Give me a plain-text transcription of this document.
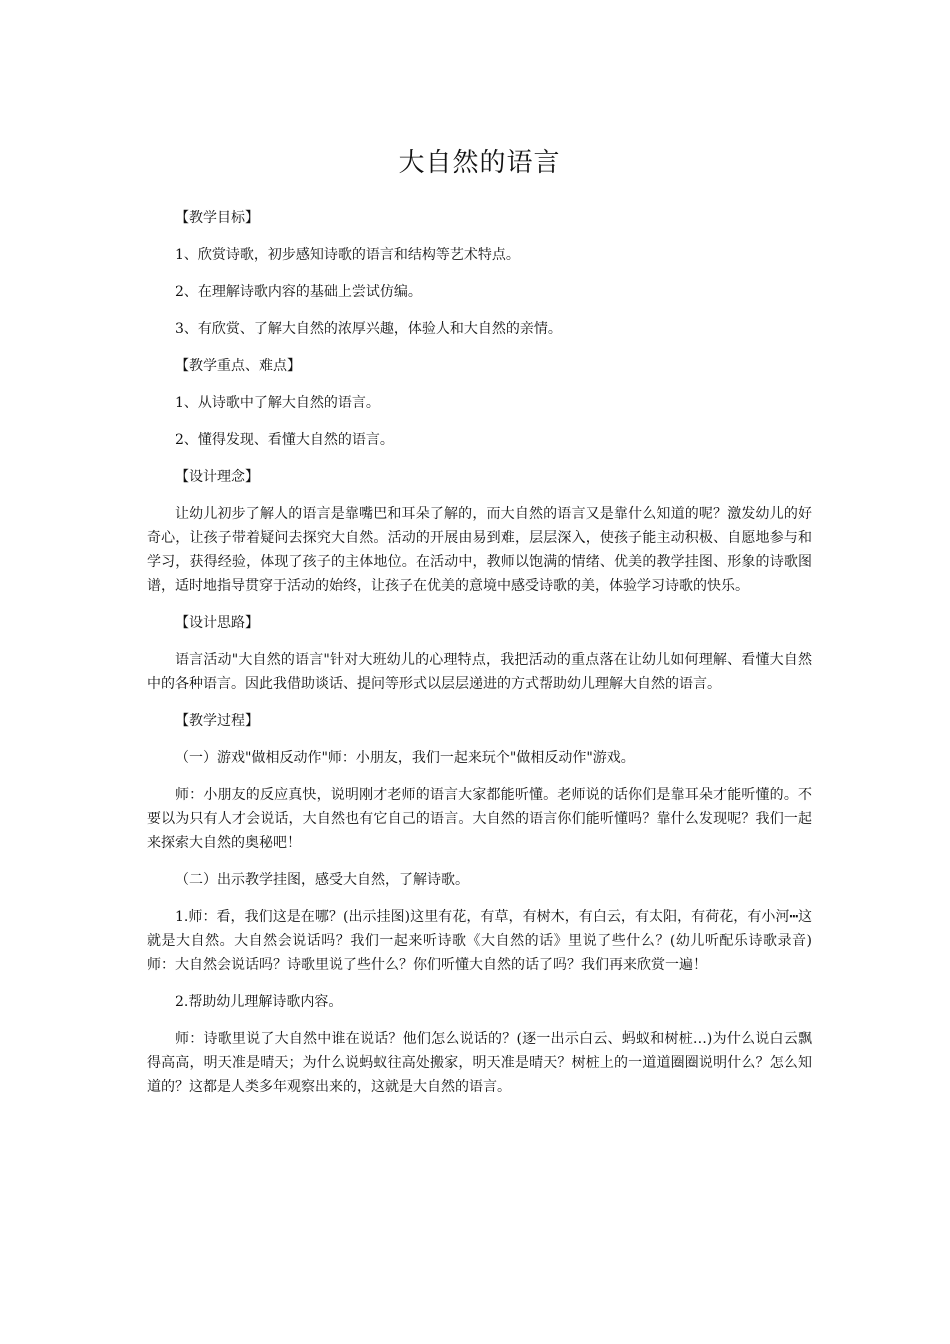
大自然的语言

【教学目标】

1、欣赏诗歌，初步感知诗歌的语言和结构等艺术特点。

2、在理解诗歌内容的基础上尝试仿编。

3、有欣赏、了解大自然的浓厚兴趣，体验人和大自然的亲情。

【教学重点、难点】

1、从诗歌中了解大自然的语言。

2、懂得发现、看懂大自然的语言。

【设计理念】

让幼儿初步了解人的语言是靠嘴巴和耳朵了解的，而大自然的语言又是靠什么知道的呢？激发幼儿的好奇心，让孩子带着疑问去探究大自然。活动的开展由易到难，层层深入，使孩子能主动积极、自愿地参与和学习，获得经验，体现了孩子的主体地位。在活动中，教师以饱满的情绪、优美的教学挂图、形象的诗歌图谱，适时地指导贯穿于活动的始终，让孩子在优美的意境中感受诗歌的美，体验学习诗歌的快乐。

【设计思路】

语言活动"大自然的语言"针对大班幼儿的心理特点，我把活动的重点落在让幼儿如何理解、看懂大自然中的各种语言。因此我借助谈话、提问等形式以层层递进的方式帮助幼儿理解大自然的语言。

【教学过程】

（一）游戏"做相反动作"师：小朋友，我们一起来玩个"做相反动作"游戏。

师：小朋友的反应真快，说明刚才老师的语言大家都能听懂。老师说的话你们是靠耳朵才能听懂的。不要以为只有人才会说话，大自然也有它自己的语言。大自然的语言你们能听懂吗？靠什么发现呢？我们一起来探索大自然的奥秘吧！

（二）出示教学挂图，感受大自然，了解诗歌。

1.师：看，我们这是在哪？(出示挂图)这里有花，有草，有树木，有白云，有太阳，有荷花，有小河┅这就是大自然。大自然会说话吗？我们一起来听诗歌《大自然的话》里说了些什么？(幼儿听配乐诗歌录音)师：大自然会说话吗？诗歌里说了些什么？你们听懂大自然的话了吗？我们再来欣赏一遍！

2.帮助幼儿理解诗歌内容。

师：诗歌里说了大自然中谁在说话？他们怎么说话的？(逐一出示白云、蚂蚁和树桩…)为什么说白云飘得高高，明天准是晴天；为什么说蚂蚁往高处搬家，明天准是晴天？树桩上的一道道圈圈说明什么？怎么知道的？这都是人类多年观察出来的，这就是大自然的语言。
